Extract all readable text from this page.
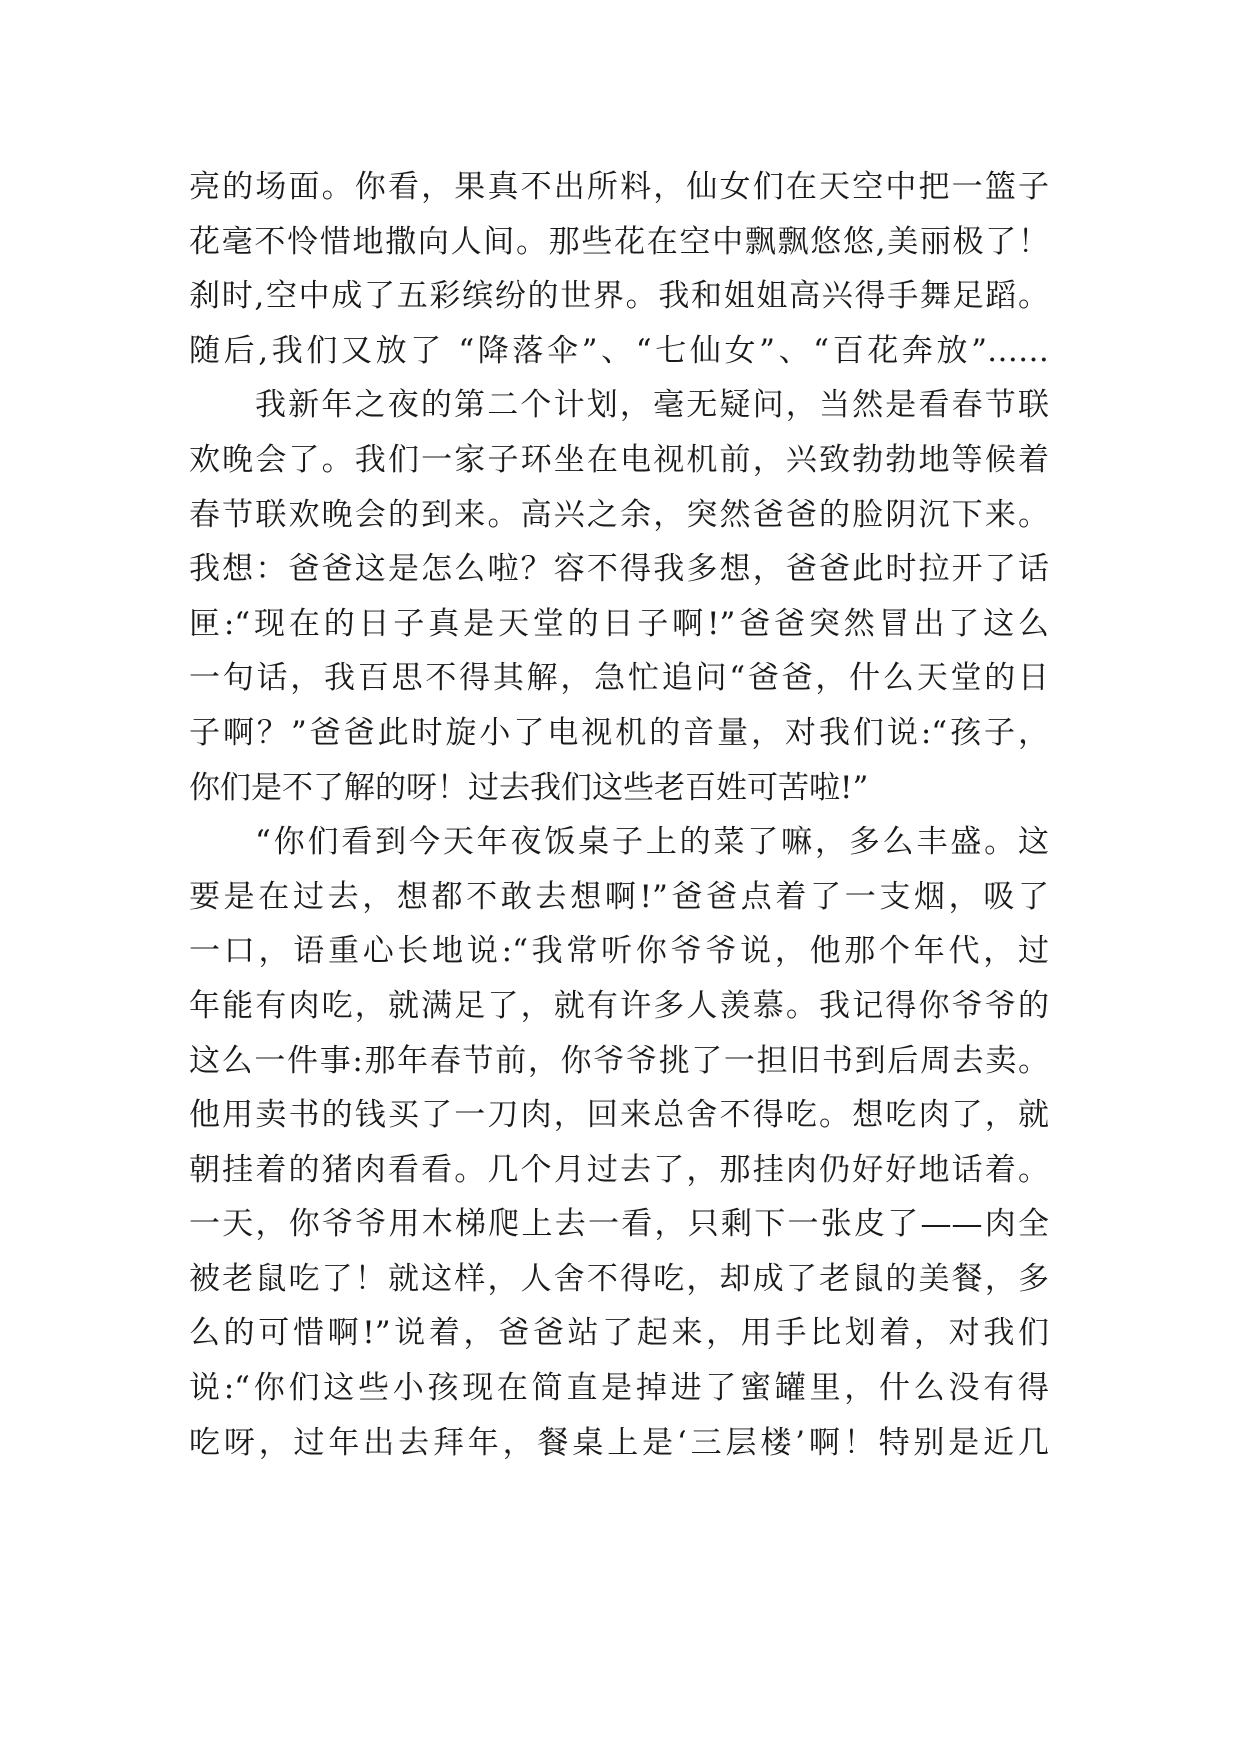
亮的场面。你看，果真不出所料，仙女们在天空中把一篮子
花毫不怜惜地撒向人间。那些花在空中飘飘悠悠,美丽极了！
刹时,空中成了五彩缤纷的世界。我和姐姐高兴得手舞足蹈。
随后,我们又放了 “降落伞”、“七仙女”、“百花奔放”……
我新年之夜的第二个计划，毫无疑问，当然是看春节联
欢晚会了。我们一家子环坐在电视机前，兴致勃勃地等候着
春节联欢晚会的到来。高兴之余，突然爸爸的脸阴沉下来。
我想：爸爸这是怎么啦？容不得我多想，爸爸此时拉开了话
匣:“现在的日子真是天堂的日子啊!”爸爸突然冒出了这么
一句话，我百思不得其解，急忙追问“爸爸，什么天堂的日
子啊？”爸爸此时旋小了电视机的音量，对我们说:“孩子，
你们是不了解的呀！过去我们这些老百姓可苦啦!”
“你们看到今天年夜饭桌子上的菜了嘛，多么丰盛。这
要是在过去，想都不敢去想啊!”爸爸点着了一支烟，吸了
一口，语重心长地说:“我常听你爷爷说，他那个年代，过
年能有肉吃，就满足了，就有许多人羡慕。我记得你爷爷的
这么一件事:那年春节前，你爷爷挑了一担旧书到后周去卖。
他用卖书的钱买了一刀肉，回来总舍不得吃。想吃肉了，就
朝挂着的猪肉看看。几个月过去了，那挂肉仍好好地话着。
一天，你爷爷用木梯爬上去一看，只剩下一张皮了——肉全
被老鼠吃了！就这样，人舍不得吃，却成了老鼠的美餐，多
么的可惜啊!”说着，爸爸站了起来，用手比划着，对我们
说:“你们这些小孩现在简直是掉进了蜜罐里，什么没有得
吃呀，过年出去拜年，餐桌上是‘三层楼’啊！特别是近几
